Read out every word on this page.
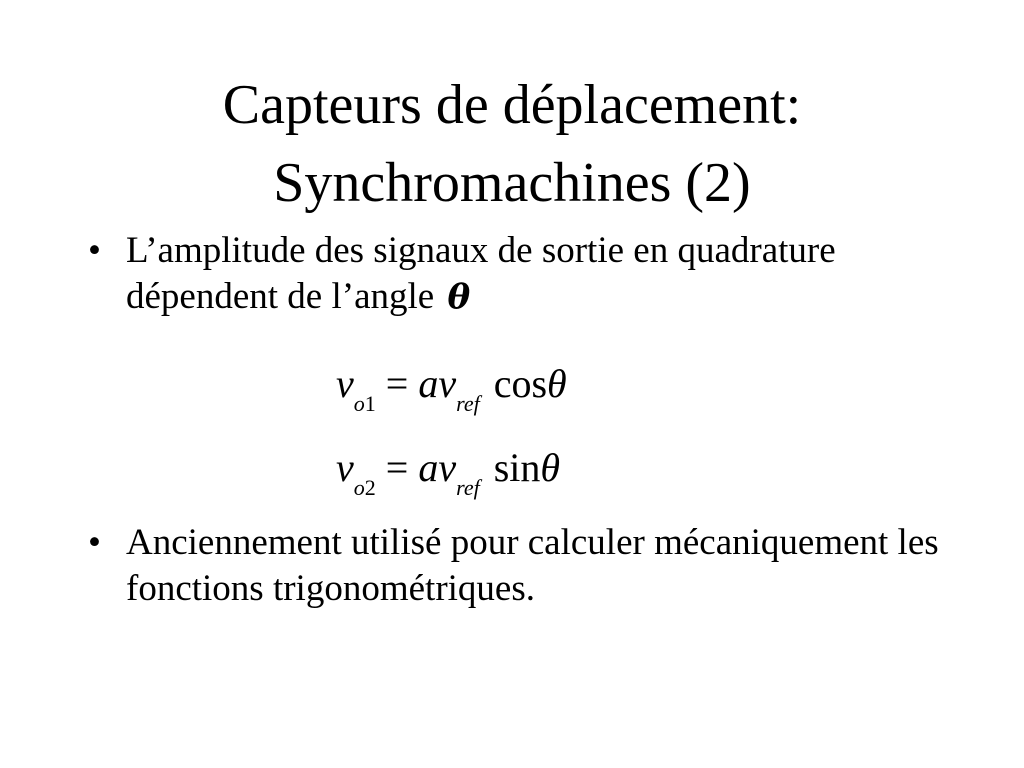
Capteurs de déplacement:
Synchromachines (2)
• L’amplitude des signaux de sortie en quadrature dépendent de l’angle θ
• Anciennement utilisé pour calculer mécaniquement les fonctions trigonométriques.
$v_{o1} = av_{ref}$ cosθ
$v_{o2} = av_{ref}$ sinθ
